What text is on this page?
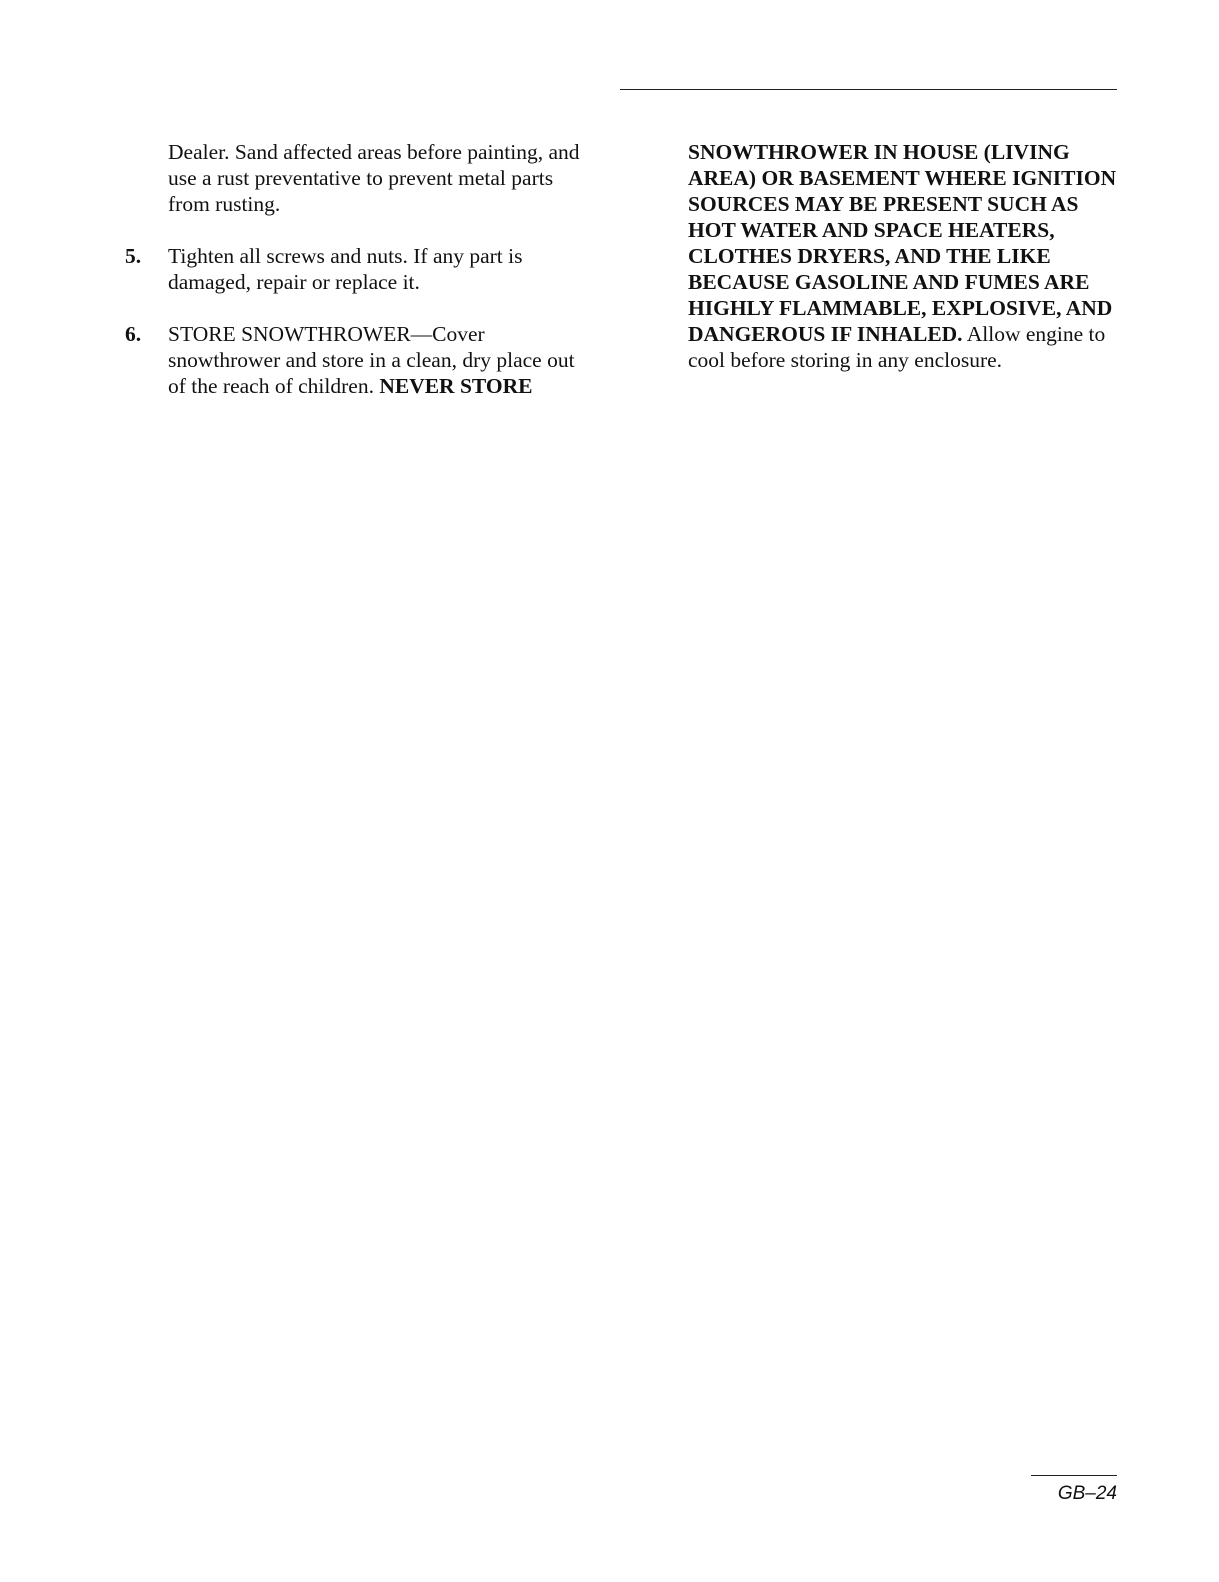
Dealer. Sand affected areas before painting, and use a rust preventative to prevent metal parts from rusting.

5. Tighten all screws and nuts. If any part is damaged, repair or replace it.

6. STORE SNOWTHROWER—Cover snowthrower and store in a clean, dry place out of the reach of children. NEVER STORE

SNOWTHROWER IN HOUSE (LIVING AREA) OR BASEMENT WHERE IGNITION SOURCES MAY BE PRESENT SUCH AS HOT WATER AND SPACE HEATERS, CLOTHES DRYERS, AND THE LIKE BECAUSE GASOLINE AND FUMES ARE HIGHLY FLAMMABLE, EXPLOSIVE, AND DANGEROUS IF INHALED. Allow engine to cool before storing in any enclosure.

GB–24
